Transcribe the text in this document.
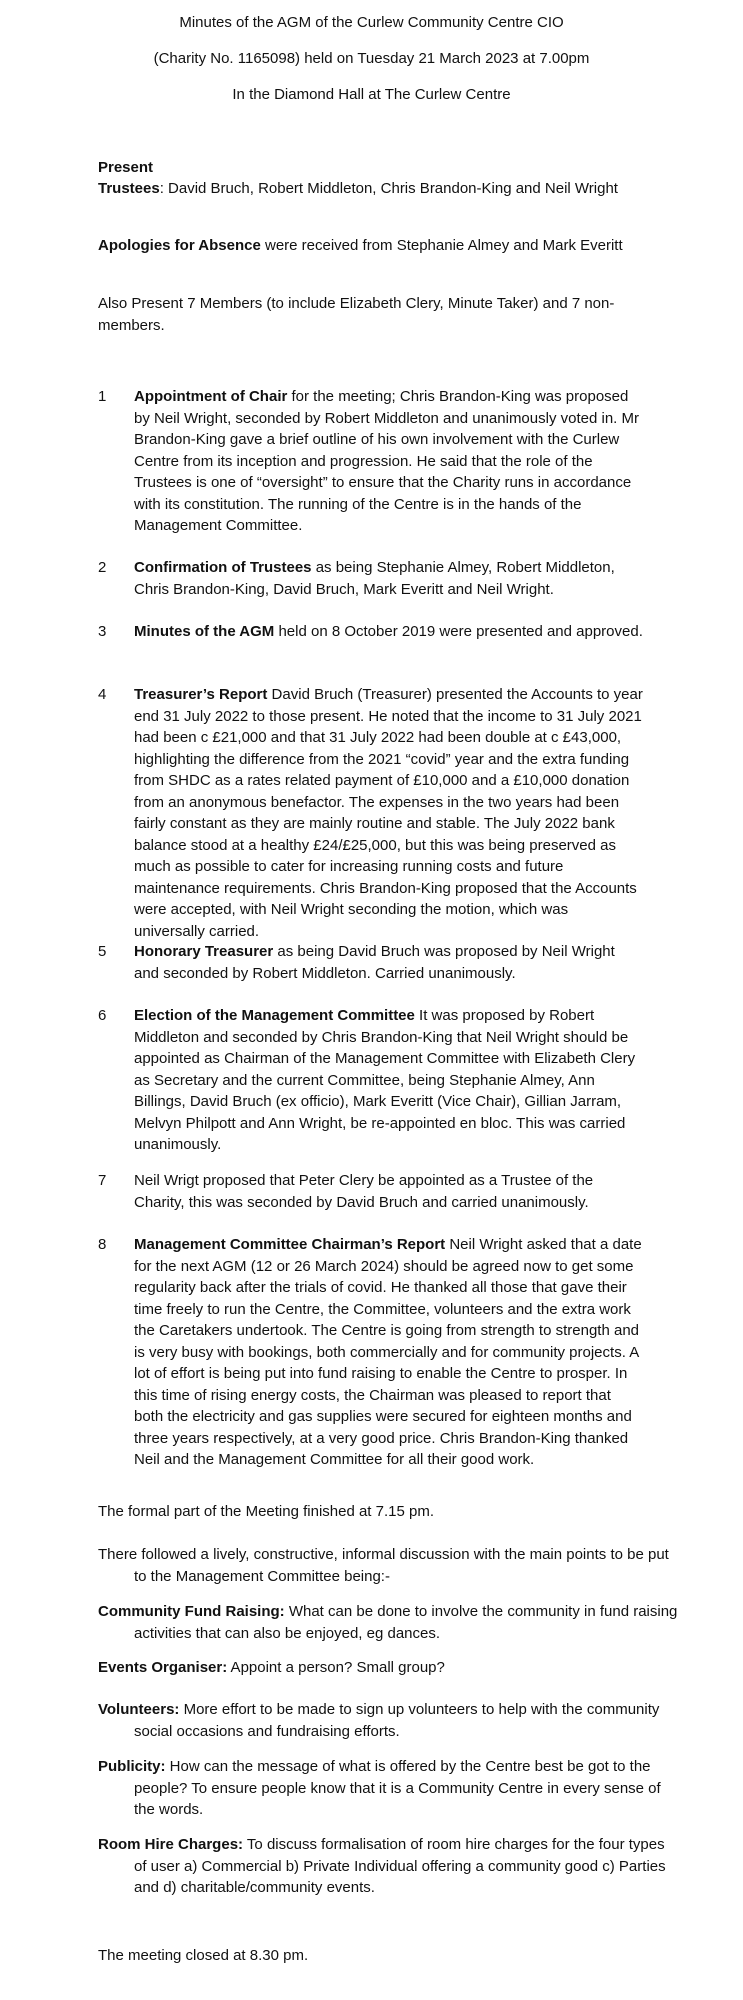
Minutes of the AGM of the Curlew Community Centre CIO
(Charity No. 1165098) held on Tuesday 21 March 2023 at 7.00pm
In the Diamond Hall at The Curlew Centre
Present
Trustees: David Bruch, Robert Middleton, Chris Brandon-King and Neil Wright
Apologies for Absence were received from Stephanie Almey and Mark Everitt
Also Present 7 Members (to include Elizabeth Clery, Minute Taker) and 7 non-members.
1	Appointment of Chair for the meeting; Chris Brandon-King was proposed by Neil Wright, seconded by Robert Middleton and unanimously voted in. Mr Brandon-King gave a brief outline of his own involvement with the Curlew Centre from its inception and progression. He said that the role of the Trustees is one of “oversight” to ensure that the Charity runs in accordance with its constitution. The running of the Centre is in the hands of the Management Committee.
2	Confirmation of Trustees as being Stephanie Almey, Robert Middleton, Chris Brandon-King, David Bruch, Mark Everitt and Neil Wright.
3	Minutes of the AGM held on 8 October 2019 were presented and approved.
4	Treasurer’s Report David Bruch (Treasurer) presented the Accounts to year end 31 July 2022 to those present. He noted that the income to 31 July 2021 had been c £21,000 and that 31 July 2022 had been double at c £43,000, highlighting the difference from the 2021 “covid” year and the extra funding from SHDC as a rates related payment of £10,000 and a £10,000 donation from an anonymous benefactor. The expenses in the two years had been fairly constant as they are mainly routine and stable. The July 2022 bank balance stood at a healthy £24/£25,000, but this was being preserved as much as possible to cater for increasing running costs and future maintenance requirements. Chris Brandon-King proposed that the Accounts were accepted, with Neil Wright seconding the motion, which was universally carried.
5	Honorary Treasurer as being David Bruch was proposed by Neil Wright and seconded by Robert Middleton. Carried unanimously.
6	Election of the Management Committee It was proposed by Robert Middleton and seconded by Chris Brandon-King that Neil Wright should be appointed as Chairman of the Management Committee with Elizabeth Clery as Secretary and the current Committee, being Stephanie Almey, Ann Billings, David Bruch (ex officio), Mark Everitt (Vice Chair), Gillian Jarram, Melvyn Philpott and Ann Wright, be re-appointed en bloc. This was carried unanimously.
7	Neil Wrigt proposed that Peter Clery be appointed as a Trustee of the Charity, this was seconded by David Bruch and carried unanimously.
8	Management Committee Chairman’s Report Neil Wright asked that a date for the next AGM (12 or 26 March 2024) should be agreed now to get some regularity back after the trials of covid. He thanked all those that gave their time freely to run the Centre, the Committee, volunteers and the extra work the Caretakers undertook. The Centre is going from strength to strength and is very busy with bookings, both commercially and for community projects. A lot of effort is being put into fund raising to enable the Centre to prosper. In this time of rising energy costs, the Chairman was pleased to report that both the electricity and gas supplies were secured for eighteen months and three years respectively, at a very good price. Chris Brandon-King thanked Neil and the Management Committee for all their good work.
The formal part of the Meeting finished at 7.15 pm.
There followed a lively, constructive, informal discussion with the main points to be put to the Management Committee being:-
Community Fund Raising: What can be done to involve the community in fund raising activities that can also be enjoyed, eg dances.
Events Organiser: Appoint a person? Small group?
Volunteers: More effort to be made to sign up volunteers to help with the community social occasions and fundraising efforts.
Publicity: How can the message of what is offered by the Centre best be got to the people? To ensure people know that it is a Community Centre in every sense of the words.
Room Hire Charges: To discuss formalisation of room hire charges for the four types of user a) Commercial b) Private Individual offering a community good c) Parties and d) charitable/community events.
The meeting closed at 8.30 pm.
